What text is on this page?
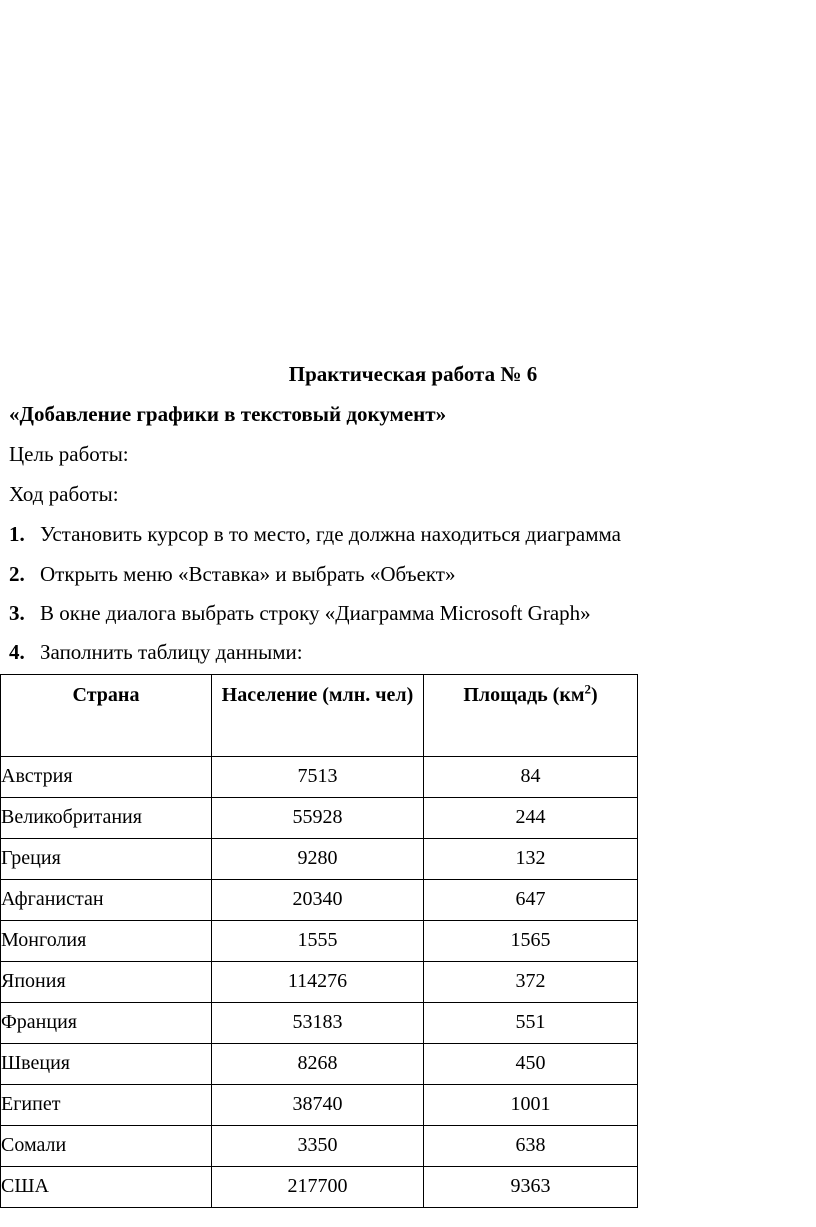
Практическая работа № 6
«Добавление графики в текстовый документ»
Цель работы:
Ход работы:
1. Установить курсор в то место, где должна находиться диаграмма
2. Открыть меню «Вставка» и выбрать «Объект»
3. В окне диалога выбрать строку «Диаграмма Microsoft Graph»
4. Заполнить таблицу данными:
Страна	Население (млн. чел)	Площадь $(км^2)$
Австрия	7513	84
Великобритания	55928	244
Греция	9280	132
Афганистан	20340	647
Монголия	1555	1565
Япония	114276	372
Франция	53183	551
Швеция	8268	450
Египет	38740	1001
Сомали	3350	638
США	217700	9363
